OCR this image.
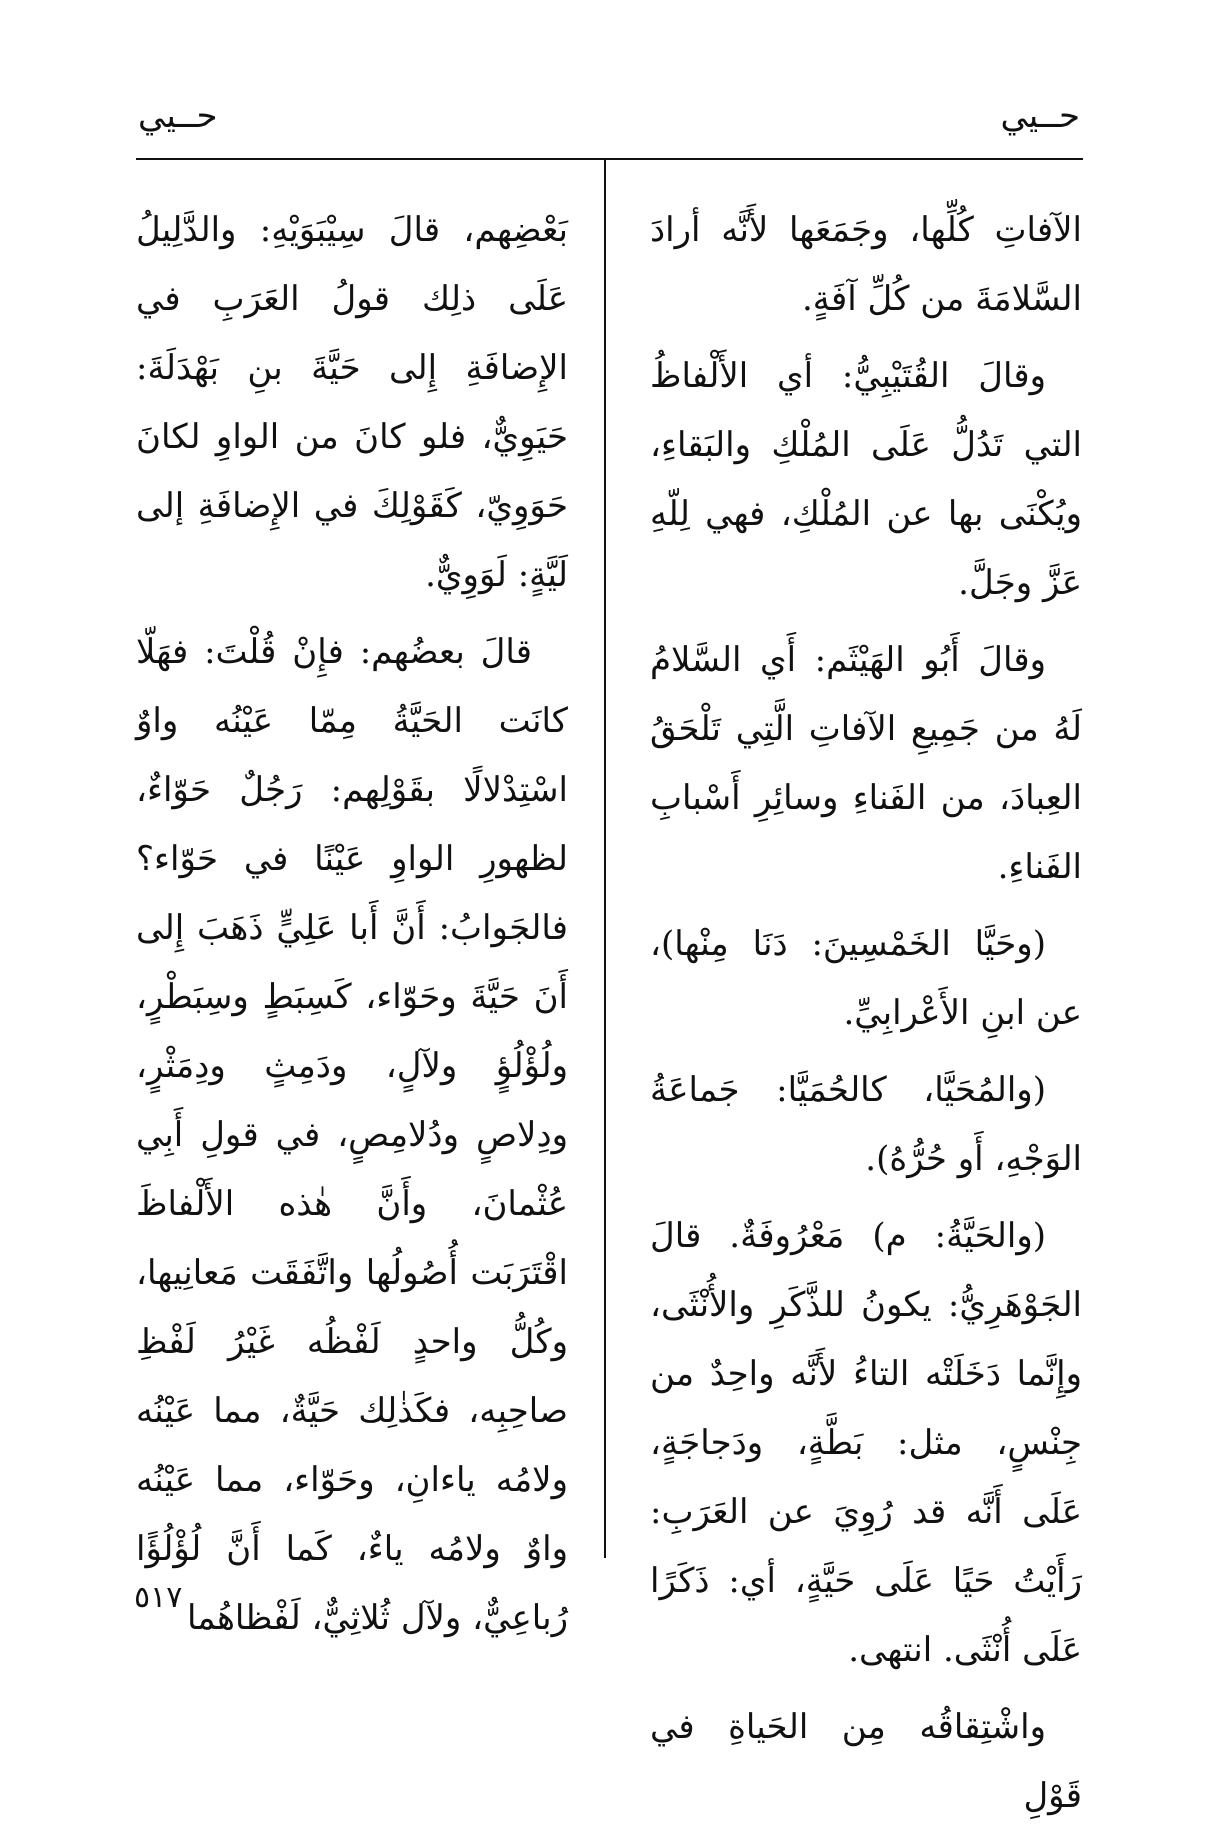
حــيي
حــيي

الآفاتِ كُلِّها، وجَمَعَها لأَنَّه أرادَ السَّلامَةَ من كُلِّ آفَةٍ.

وقالَ القُتَيْبِيُّ: أي الأَلْفاظُ التي تَدُلُّ عَلَى المُلْكِ والبَقاءِ، ويُكْنَى بها عن المُلْكِ، فهي لِلّهِ عَزَّ وجَلَّ.

وقالَ أَبُو الهَيْثَم: أَي السَّلامُ لَهُ من جَمِيعِ الآفاتِ الَّتِي تَلْحَقُ العِبادَ، من الفَناءِ وسائِرِ أَسْبابِ الفَناءِ.

(وحَيَّا الخَمْسِينَ: دَنَا مِنْها)، عن ابنِ الأَعْرابِيِّ.

(والمُحَيَّا، كالحُمَيَّا: جَماعَةُ الوَجْهِ، أَو حُرُّهُ).

(والحَيَّةُ: م) مَعْرُوفَةٌ. قالَ الجَوْهَرِيُّ: يكونُ للذَّكَرِ والأُنْثَى، وإِنَّما دَخَلَتْه التاءُ لأَنَّه واحِدٌ من جِنْسٍ، مثل: بَطَّةٍ، ودَجاجَةٍ، عَلَى أَنَّه قد رُوِيَ عن العَرَبِ: رَأَيْتُ حَيًا عَلَى حَيَّةٍ، أي: ذَكَرًا عَلَى أُنْثَى. انتهى.

واشْتِقاقُه مِن الحَياةِ في قَوْلِ

بَعْضِهم، قالَ سِيْبَوَيْهِ: والدَّلِيلُ عَلَى ذلِك قولُ العَرَبِ في الإِضافَةِ إِلى حَيَّةَ بنِ بَهْدَلَةَ: حَيَوِيٌّ، فلو كانَ من الواوِ لكانَ حَوَوِيّ، كَقَوْلِكَ في الإِضافَةِ إلى لَيَّةٍ: لَوَوِيٌّ.

قالَ بعضُهم: فإِنْ قُلْتَ: فهَلّا كانَت الحَيَّةُ مِمّا عَيْنُه واوٌ اسْتِدْلالًا بقَوْلِهم: رَجُلٌ حَوّاءٌ، لظهورِ الواوِ عَيْنًا في حَوّاء؟ فالجَوابُ: أَنَّ أَبا عَلِيٍّ ذَهَبَ إِلى أَنَ حَيَّةَ وحَوّاء، كَسِبَطٍ وسِبَطْرٍ، ولُؤْلُؤٍ ولآلٍ، ودَمِثٍ ودِمَثْرٍ، ودِلاصٍ ودُلامِصٍ، في قولِ أَبِي عُثْمانَ، وأَنَّ هٰذه الأَلْفاظَ اقْتَرَبَت أُصُولُها واتَّفَقَت مَعانِيها، وكُلُّ واحدٍ لَفْظُه غَيْرُ لَفْظِ صاحِبِه، فكَذٰلِك حَيَّةٌ، مما عَيْنُه ولامُه ياءانِ، وحَوّاء، مما عَيْنُه واوٌ ولامُه ياءٌ، كَما أَنَّ لُؤْلُؤًا رُباعِيٌّ، ولآل ثُلاثِيٌّ، لَفْظاهُما

٥١٧
